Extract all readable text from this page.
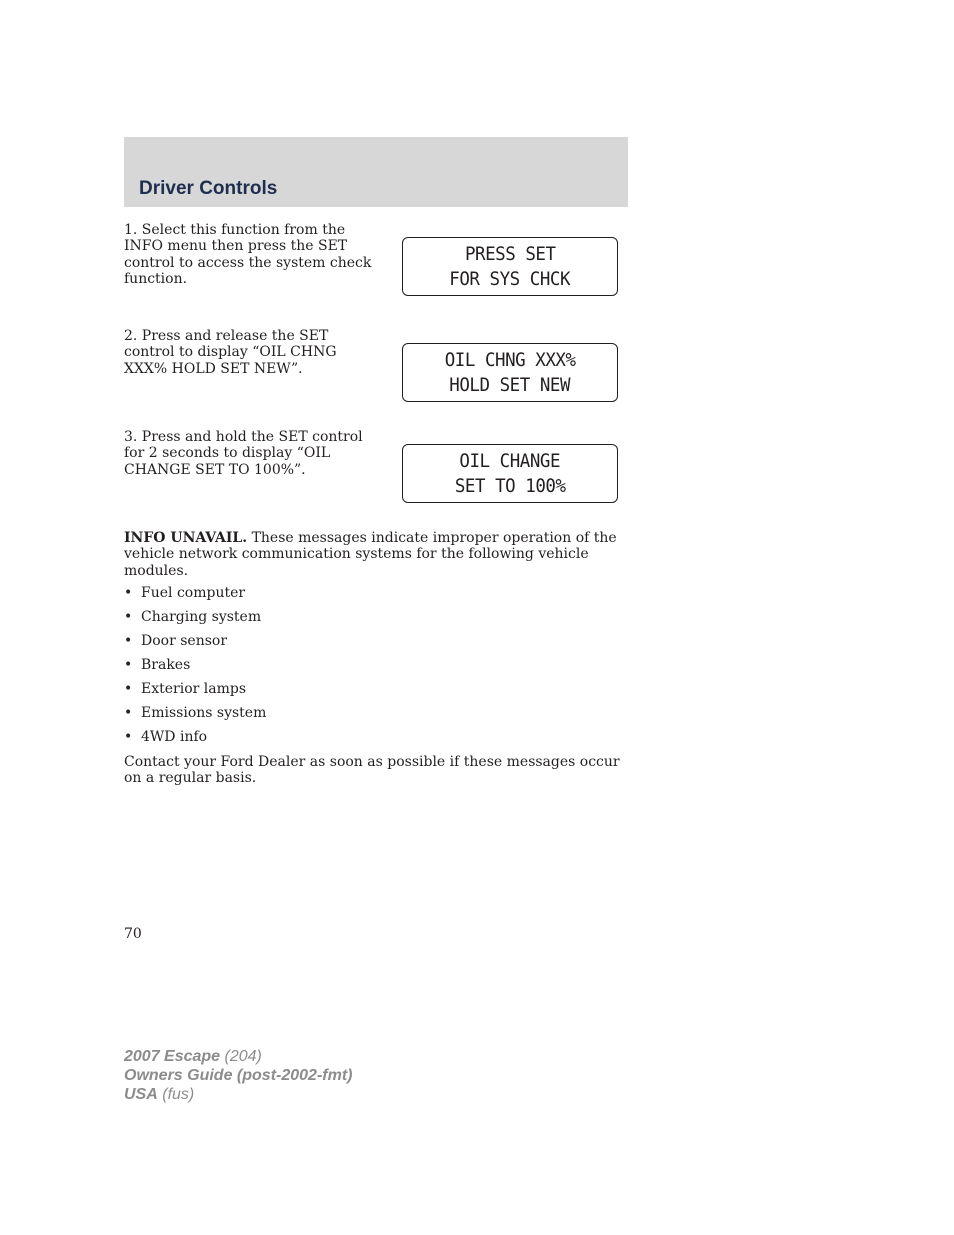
Driver Controls

1. Select this function from the INFO menu then press the SET control to access the system check function.

PRESS SET
FOR SYS CHCK

2. Press and release the SET control to display “OIL CHNG XXX% HOLD SET NEW”.	OIL CHNG XXX%
HOLD SET NEW

3. Press and hold the SET control for 2 seconds to display “OIL CHANGE SET TO 100%”.	OIL CHANGE
SET TO 100%

INFO UNAVAIL. These messages indicate improper operation of the vehicle network communication systems for the following vehicle modules.

• Fuel computer
• Charging system
• Door sensor
• Brakes
• Exterior lamps
• Emissions system
• 4WD info

Contact your Ford Dealer as soon as possible if these messages occur on a regular basis.

70

2007 Escape (204)
Owners Guide (post-2002-fmt)
USA (fus)
